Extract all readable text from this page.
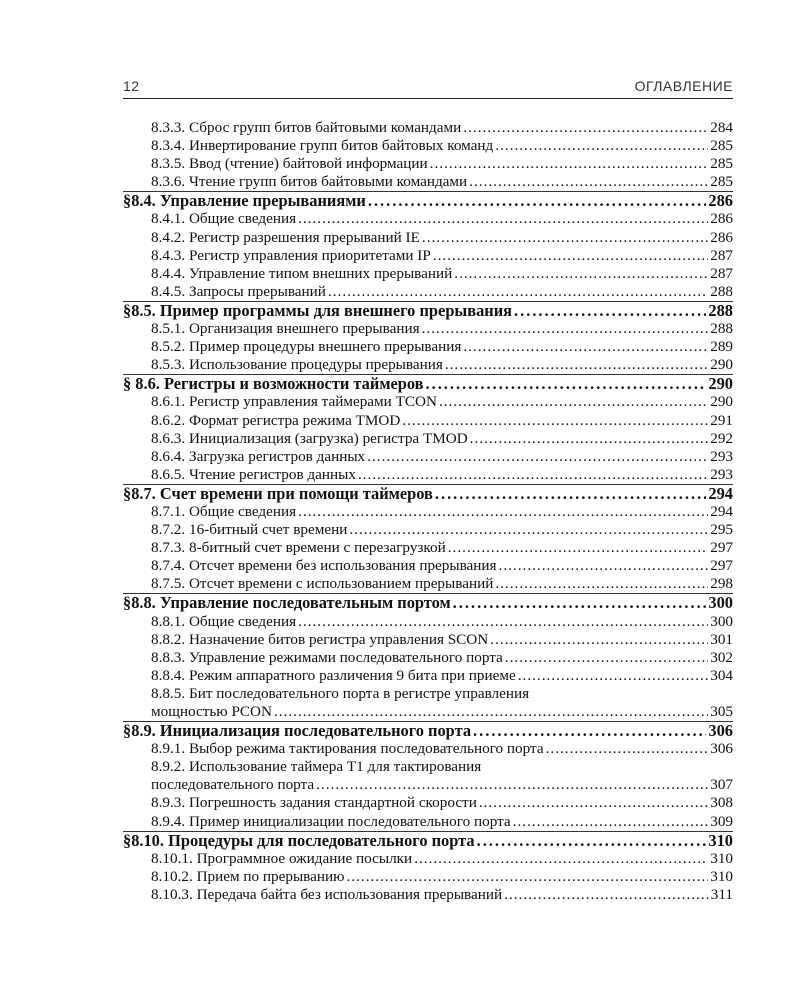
12	ОГЛАВЛЕНИЕ
8.3.3. Сброс групп битов байтовыми командами .....	284
8.3.4. Инвертирование групп битов байтовых команд .....	285
8.3.5. Ввод (чтение) байтовой информации .....	285
8.3.6. Чтение групп битов байтовыми командами .....	285
§8.4. Управление прерываниями .....	286
8.4.1. Общие сведения .....	286
8.4.2. Регистр разрешения прерываний IE .....	286
8.4.3. Регистр управления приоритетами IP .....	287
8.4.4. Управление типом внешних прерываний .....	287
8.4.5. Запросы прерываний .....	288
§8.5. Пример программы для внешнего прерывания .....	288
8.5.1. Организация внешнего прерывания .....	288
8.5.2. Пример процедуры внешнего прерывания .....	289
8.5.3. Использование процедуры прерывания .....	290
§ 8.6. Регистры и возможности таймеров .....	290
8.6.1. Регистр управления таймерами TCON .....	290
8.6.2. Формат регистра режима TMOD .....	291
8.6.3. Инициализация (загрузка) регистра TMOD .....	292
8.6.4. Загрузка регистров данных .....	293
8.6.5. Чтение регистров данных .....	293
§8.7. Счет времени при помощи таймеров .....	294
8.7.1. Общие сведения .....	294
8.7.2. 16-битный счет времени .....	295
8.7.3. 8-битный счет времени с перезагрузкой .....	297
8.7.4. Отсчет времени без использования прерывания .....	297
8.7.5. Отсчет времени с использованием прерываний .....	298
§8.8. Управление последовательным портом .....	300
8.8.1. Общие сведения .....	300
8.8.2. Назначение битов регистра управления SCON .....	301
8.8.3. Управление режимами последовательного порта .....	302
8.8.4. Режим аппаратного различения 9 бита при приеме .....	304
8.8.5. Бит последовательного порта в регистре управления
мощностью PCON .....	305
§8.9. Инициализация последовательного порта .....	306
8.9.1. Выбор режима тактирования последовательного порта .....	306
8.9.2. Использование таймера T1 для тактирования
последовательного порта .....	307
8.9.3. Погрешность задания стандартной скорости .....	308
8.9.4. Пример инициализации последовательного порта .....	309
§8.10. Процедуры для последовательного порта .....	310
8.10.1. Программное ожидание посылки .....	310
8.10.2. Прием по прерыванию .....	310
8.10.3. Передача байта без использования прерываний .....	311
